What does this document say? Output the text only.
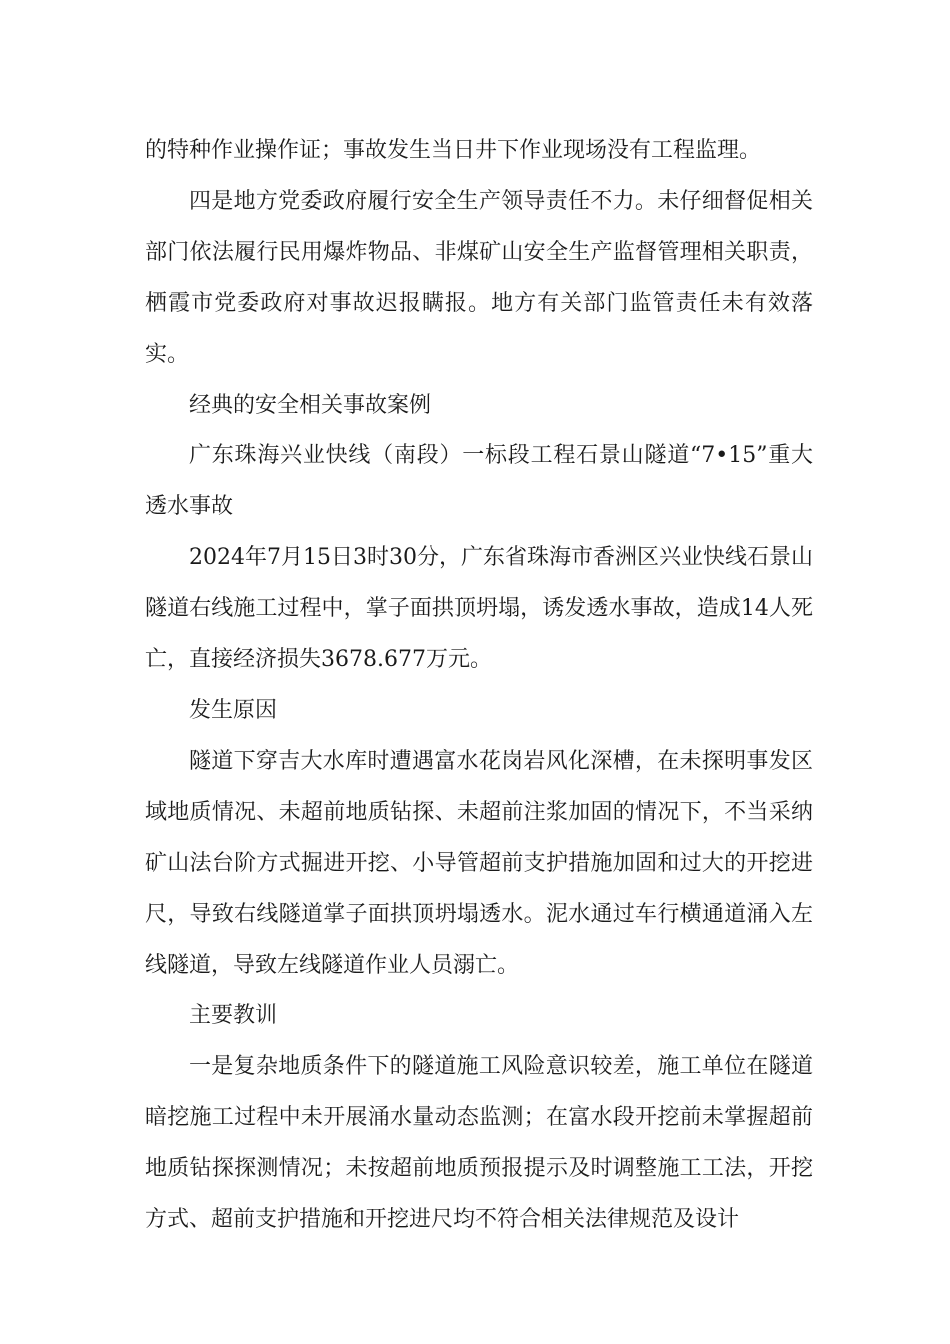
的特种作业操作证；事故发生当日井下作业现场没有工程监理。

四是地方党委政府履行安全生产领导责任不力。未仔细督促相关部门依法履行民用爆炸物品、非煤矿山安全生产监督管理相关职责，栖霞市党委政府对事故迟报瞒报。地方有关部门监管责任未有效落实。

经典的安全相关事故案例

广东珠海兴业快线（南段）一标段工程石景山隧道“7•15”重大透水事故

2024年7月15日3时30分，广东省珠海市香洲区兴业快线石景山隧道右线施工过程中，掌子面拱顶坍塌，诱发透水事故，造成14人死亡，直接经济损失3678.677万元。

发生原因

隧道下穿吉大水库时遭遇富水花岗岩风化深槽，在未探明事发区域地质情况、未超前地质钻探、未超前注浆加固的情况下，不当采纳矿山法台阶方式掘进开挖、小导管超前支护措施加固和过大的开挖进尺，导致右线隧道掌子面拱顶坍塌透水。泥水通过车行横通道涌入左线隧道，导致左线隧道作业人员溺亡。

主要教训

一是复杂地质条件下的隧道施工风险意识较差，施工单位在隧道暗挖施工过程中未开展涌水量动态监测；在富水段开挖前未掌握超前地质钻探探测情况；未按超前地质预报提示及时调整施工工法，开挖方式、超前支护措施和开挖进尺均不符合相关法律规范及设计
